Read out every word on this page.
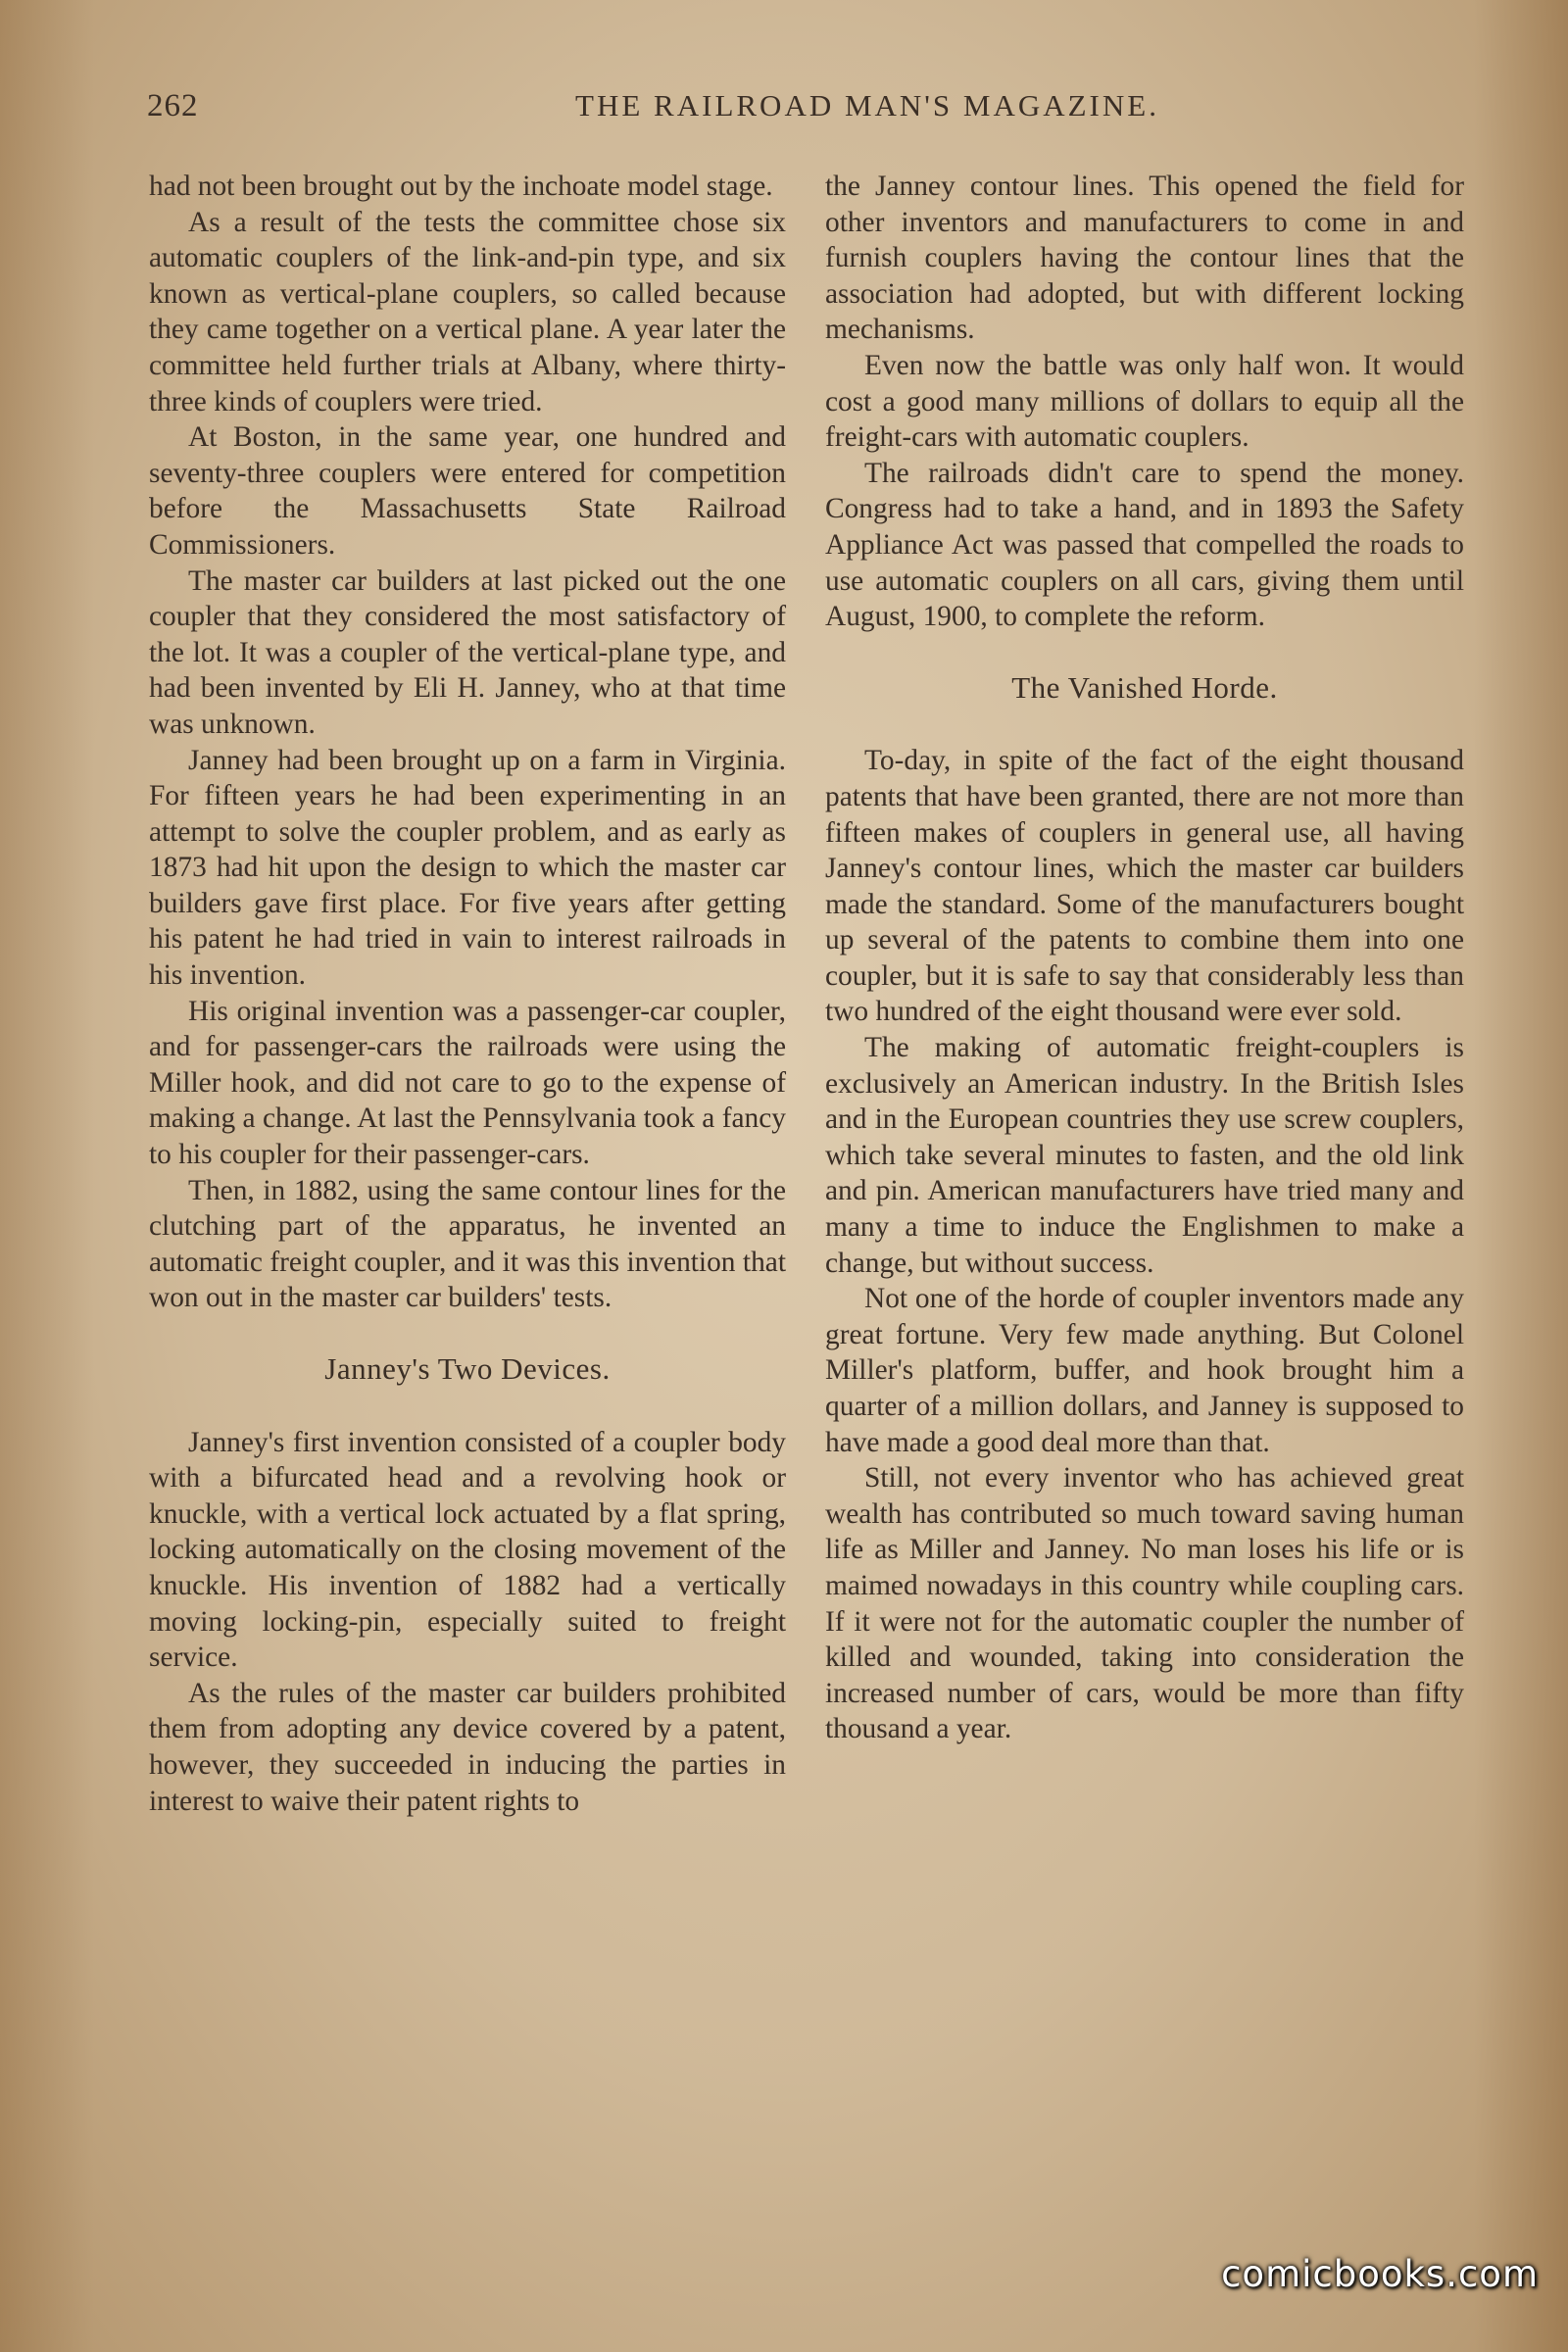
262	THE RAILROAD MAN'S MAGAZINE.

had not been brought out by the inchoate model stage.

As a result of the tests the committee chose six automatic couplers of the link-and-pin type, and six known as vertical-plane couplers, so called because they came together on a vertical plane. A year later the committee held further trials at Albany, where thirty-three kinds of couplers were tried.

At Boston, in the same year, one hundred and seventy-three couplers were entered for competition before the Massachusetts State Railroad Commissioners.

The master car builders at last picked out the one coupler that they considered the most satisfactory of the lot. It was a coupler of the vertical-plane type, and had been invented by Eli H. Janney, who at that time was unknown.

Janney had been brought up on a farm in Virginia. For fifteen years he had been experimenting in an attempt to solve the coupler problem, and as early as 1873 had hit upon the design to which the master car builders gave first place. For five years after getting his patent he had tried in vain to interest railroads in his invention.

His original invention was a passenger-car coupler, and for passenger-cars the railroads were using the Miller hook, and did not care to go to the expense of making a change. At last the Pennsylvania took a fancy to his coupler for their passenger-cars.

Then, in 1882, using the same contour lines for the clutching part of the apparatus, he invented an automatic freight coupler, and it was this invention that won out in the master car builders' tests.

Janney's Two Devices.

Janney's first invention consisted of a coupler body with a bifurcated head and a revolving hook or knuckle, with a vertical lock actuated by a flat spring, locking automatically on the closing movement of the knuckle. His invention of 1882 had a vertically moving locking-pin, especially suited to freight service.

As the rules of the master car builders prohibited them from adopting any device covered by a patent, however, they succeeded in inducing the parties in interest to waive their patent rights to

the Janney contour lines. This opened the field for other inventors and manufacturers to come in and furnish couplers having the contour lines that the association had adopted, but with different locking mechanisms.

Even now the battle was only half won. It would cost a good many millions of dollars to equip all the freight-cars with automatic couplers.

The railroads didn't care to spend the money. Congress had to take a hand, and in 1893 the Safety Appliance Act was passed that compelled the roads to use automatic couplers on all cars, giving them until August, 1900, to complete the reform.

The Vanished Horde.

To-day, in spite of the fact of the eight thousand patents that have been granted, there are not more than fifteen makes of couplers in general use, all having Janney's contour lines, which the master car builders made the standard. Some of the manufacturers bought up several of the patents to combine them into one coupler, but it is safe to say that considerably less than two hundred of the eight thousand were ever sold.

The making of automatic freight-couplers is exclusively an American industry. In the British Isles and in the European countries they use screw couplers, which take several minutes to fasten, and the old link and pin. American manufacturers have tried many and many a time to induce the Englishmen to make a change, but without success.

Not one of the horde of coupler inventors made any great fortune. Very few made anything. But Colonel Miller's platform, buffer, and hook brought him a quarter of a million dollars, and Janney is supposed to have made a good deal more than that.

Still, not every inventor who has achieved great wealth has contributed so much toward saving human life as Miller and Janney. No man loses his life or is maimed nowadays in this country while coupling cars. If it were not for the automatic coupler the number of killed and wounded, taking into consideration the increased number of cars, would be more than fifty thousand a year.

comicbooks.com
